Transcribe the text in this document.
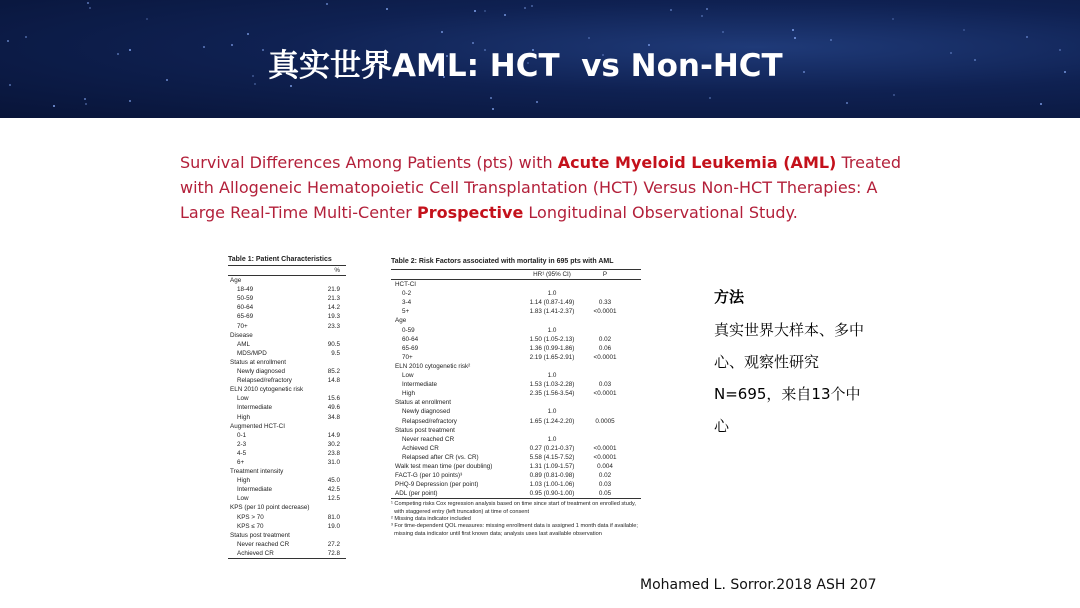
真实世界AML: HCT  vs Non-HCT
Survival Differences Among Patients (pts) with Acute Myeloid Leukemia (AML) Treated with Allogeneic Hematopoietic Cell Transplantation (HCT) Versus Non-HCT Therapies: A Large Real-Time Multi-Center Prospective Longitudinal Observational Study.
Table 1: Patient Characteristics
%
Age
18-49	21.9
50-59	21.3
60-64	14.2
65-69	19.3
70+	23.3
Disease
AML	90.5
MDS/MPD	9.5
Status at enrollment
Newly diagnosed	85.2
Relapsed/refractory	14.8
ELN 2010 cytogenetic risk
Low	15.6
Intermediate	49.6
High	34.8
Augmented HCT-CI
0-1	14.9
2-3	30.2
4-5	23.8
6+	31.0
Treatment intensity
High	45.0
Intermediate	42.5
Low	12.5
KPS (per 10 point decrease)
KPS > 70	81.0
KPS ≤ 70	19.0
Status post treatment
Never reached CR	27.2
Achieved CR	72.8
Table 2: Risk Factors associated with mortality in 695 pts with AML
HR¹ (95% CI)	P
HCT-CI
0-2	1.0
3-4	1.14 (0.87-1.49)	0.33
5+	1.83 (1.41-2.37)	<0.0001
Age
0-59	1.0
60-64	1.50 (1.05-2.13)	0.02
65-69	1.36 (0.99-1.86)	0.06
70+	2.19 (1.65-2.91)	<0.0001
ELN 2010 cytogenetic risk²
Low	1.0
Intermediate	1.53 (1.03-2.28)	0.03
High	2.35 (1.56-3.54)	<0.0001
Status at enrollment
Newly diagnosed	1.0
Relapsed/refractory	1.65 (1.24-2.20)	0.0005
Status post treatment
Never reached CR	1.0
Achieved CR	0.27 (0.21-0.37)	<0.0001
Relapsed after CR (vs. CR)	5.58 (4.15-7.52)	<0.0001
Walk test mean time (per doubling)	1.31 (1.09-1.57)	0.004
FACT-G (per 10 points)³	0.89 (0.81-0.98)	0.02
PHQ-9 Depression (per point)	1.03 (1.00-1.06)	0.03
ADL (per point)	0.95 (0.90-1.00)	0.05
¹ Competing risks Cox regression analysis based on time since start of treatment on enrolled study,
with staggered entry (left truncation) at time of consent
² Missing data indicator included
³ For time-dependent QOL measures: missing enrollment data is assigned 1 month data if available;
missing data indicator until first known data; analysis uses last available observation
方法
真实世界大样本、多中
心、观察性研究
N=695，来自13个中
心
Mohamed L. Sorror.2018 ASH 207
